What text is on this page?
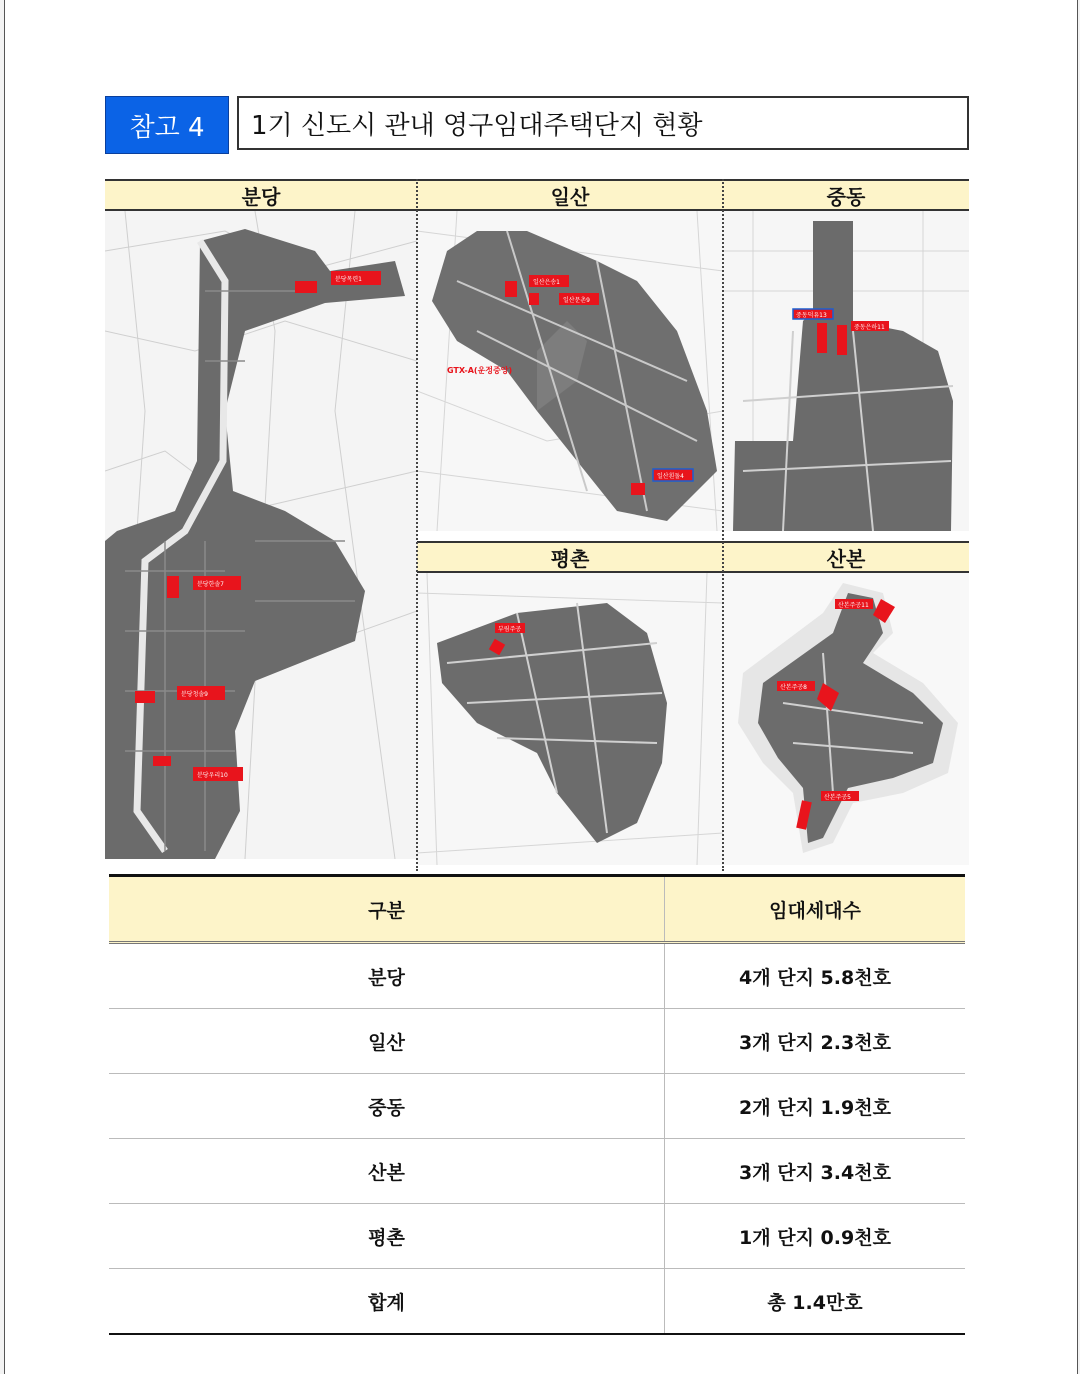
참고 4	1기 신도시 관내 영구임대주택단지 현황
분당
분당목련1
분당한솔7
분당청솔9
분당우리10
일산
일산은송1
일산문촌9
일산흰돌4
GTX-A(운정중앙)
중동
중동덕유13
중동은하11
평촌
부림주공
산본
산본주공11
산본주공8
산본주공5
구분	임대세대수
분당	4개 단지 5.8천호
일산	3개 단지 2.3천호
중동	2개 단지 1.9천호
산본	3개 단지 3.4천호
평촌	1개 단지 0.9천호
합계	총 1.4만호
